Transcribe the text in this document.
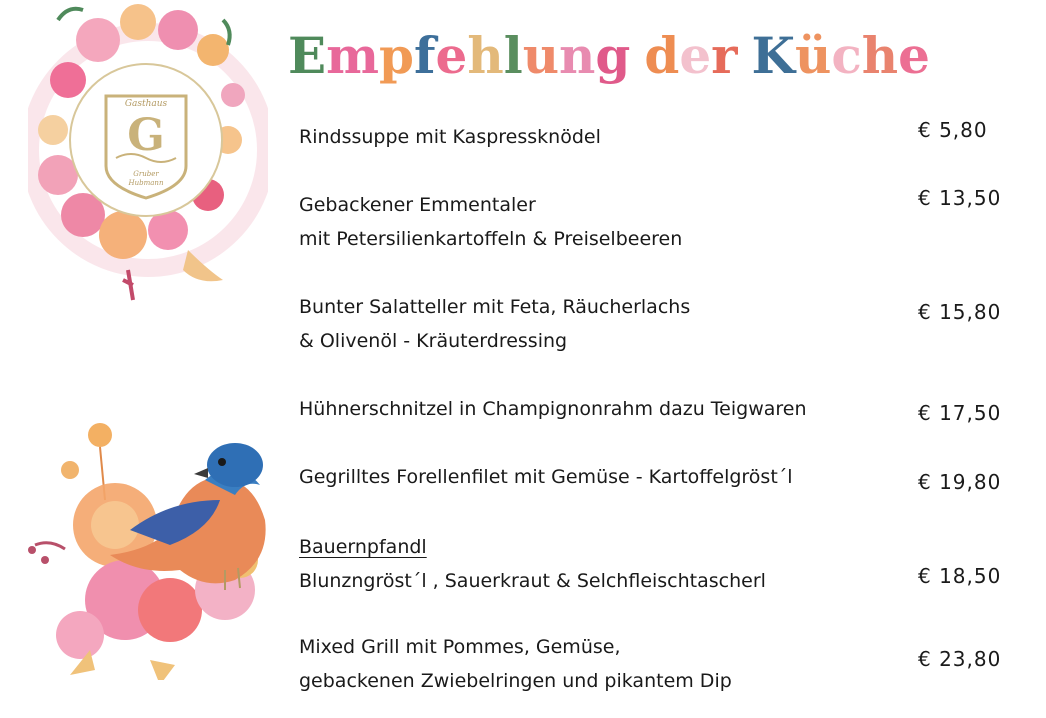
Gasthaus
G
Gruber
Hubmann
Empfehlung der Küche
Rindssuppe mit Kaspressknödel	€ 5,80
Gebackener Emmentaler
mit Petersilienkartoffeln & Preiselbeeren
€ 13,50
Bunter Salatteller mit Feta, Räucherlachs
& Olivenöl - Kräuterdressing
€ 15,80
Hühnerschnitzel in Champignonrahm dazu Teigwaren	€ 17,50
Gegrilltes Forellenfilet mit Gemüse - Kartoffelgröst´l	€ 19,80
Bauernpfandl
Blunzngröst´l , Sauerkraut & Selchfleischtascherl	€ 18,50
Mixed Grill mit Pommes, Gemüse,
gebackenen Zwiebelringen und pikantem Dip
€ 23,80
